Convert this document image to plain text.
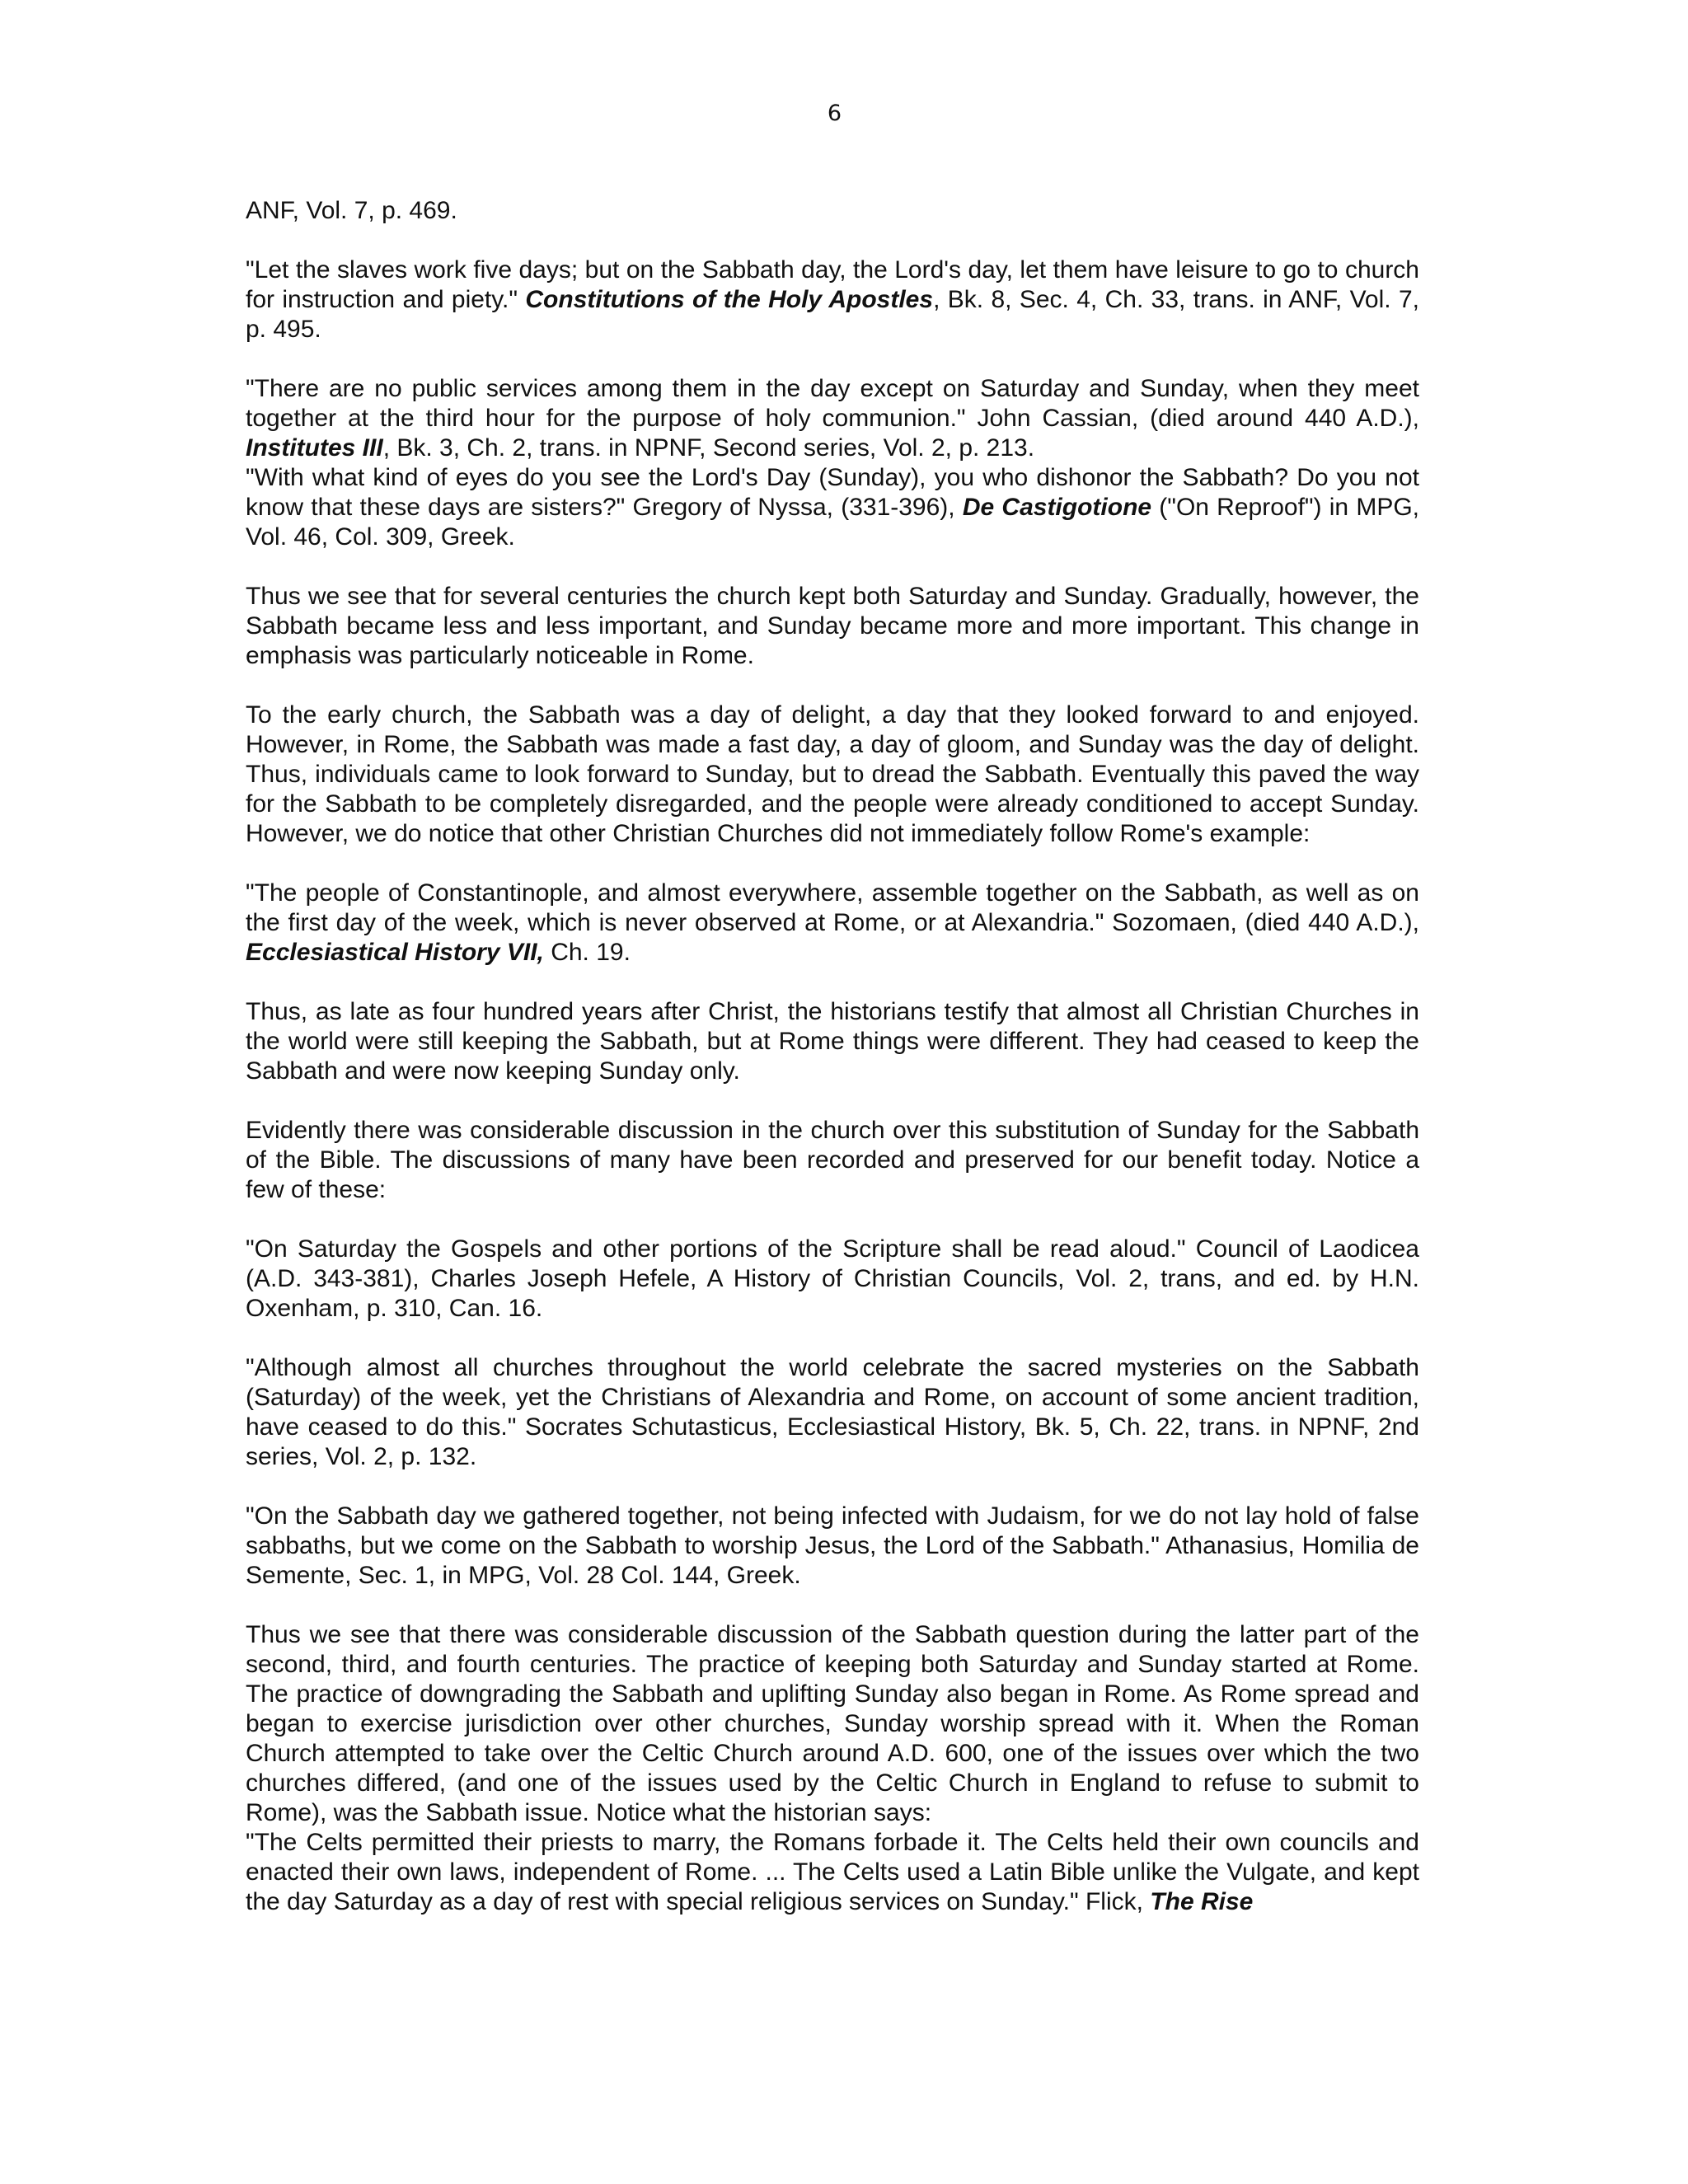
6

ANF, Vol. 7, p. 469.

"Let the slaves work five days; but on the Sabbath day, the Lord's day, let them have leisure to go to church for instruction and piety." Constitutions of the Holy Apostles, Bk. 8, Sec. 4, Ch. 33, trans. in ANF, Vol. 7, p. 495.

"There are no public services among them in the day except on Saturday and Sunday, when they meet together at the third hour for the purpose of holy communion." John Cassian, (died around 440 A.D.), Institutes III, Bk. 3, Ch. 2, trans. in NPNF, Second series, Vol. 2, p. 213.

"With what kind of eyes do you see the Lord's Day (Sunday), you who dishonor the Sabbath? Do you not know that these days are sisters?" Gregory of Nyssa, (331-396), De Castigotione ("On Reproof") in MPG, Vol. 46, Col. 309, Greek.

Thus we see that for several centuries the church kept both Saturday and Sunday. Gradually, however, the Sabbath became less and less important, and Sunday became more and more important. This change in emphasis was particularly noticeable in Rome.

To the early church, the Sabbath was a day of delight, a day that they looked forward to and enjoyed. However, in Rome, the Sabbath was made a fast day, a day of gloom, and Sunday was the day of delight. Thus, individuals came to look forward to Sunday, but to dread the Sabbath. Eventually this paved the way for the Sabbath to be completely disregarded, and the people were already conditioned to accept Sunday. However, we do notice that other Christian Churches did not immediately follow Rome's example:

"The people of Constantinople, and almost everywhere, assemble together on the Sabbath, as well as on the first day of the week, which is never observed at Rome, or at Alexandria." Sozomaen, (died 440 A.D.), Ecclesiastical History VII, Ch. 19.

Thus, as late as four hundred years after Christ, the historians testify that almost all Christian Churches in the world were still keeping the Sabbath, but at Rome things were different. They had ceased to keep the Sabbath and were now keeping Sunday only.

Evidently there was considerable discussion in the church over this substitution of Sunday for the Sabbath of the Bible. The discussions of many have been recorded and preserved for our benefit today. Notice a few of these:

"On Saturday the Gospels and other portions of the Scripture shall be read aloud." Council of Laodicea (A.D. 343-381), Charles Joseph Hefele, A History of Christian Councils, Vol. 2, trans, and ed. by H.N. Oxenham, p. 310, Can. 16.

"Although almost all churches throughout the world celebrate the sacred mysteries on the Sabbath (Saturday) of the week, yet the Christians of Alexandria and Rome, on account of some ancient tradition, have ceased to do this." Socrates Schutasticus, Ecclesiastical History, Bk. 5, Ch. 22, trans. in NPNF, 2nd series, Vol. 2, p. 132.

"On the Sabbath day we gathered together, not being infected with Judaism, for we do not lay hold of false sabbaths, but we come on the Sabbath to worship Jesus, the Lord of the Sabbath." Athanasius, Homilia de Semente, Sec. 1, in MPG, Vol. 28 Col. 144, Greek.

Thus we see that there was considerable discussion of the Sabbath question during the latter part of the second, third, and fourth centuries. The practice of keeping both Saturday and Sunday started at Rome. The practice of downgrading the Sabbath and uplifting Sunday also began in Rome. As Rome spread and began to exercise jurisdiction over other churches, Sunday worship spread with it. When the Roman Church attempted to take over the Celtic Church around A.D. 600, one of the issues over which the two churches differed, (and one of the issues used by the Celtic Church in England to refuse to submit to Rome), was the Sabbath issue. Notice what the historian says:

"The Celts permitted their priests to marry, the Romans forbade it. The Celts held their own councils and enacted their own laws, independent of Rome. ... The Celts used a Latin Bible unlike the Vulgate, and kept the day Saturday as a day of rest with special religious services on Sunday." Flick, The Rise
